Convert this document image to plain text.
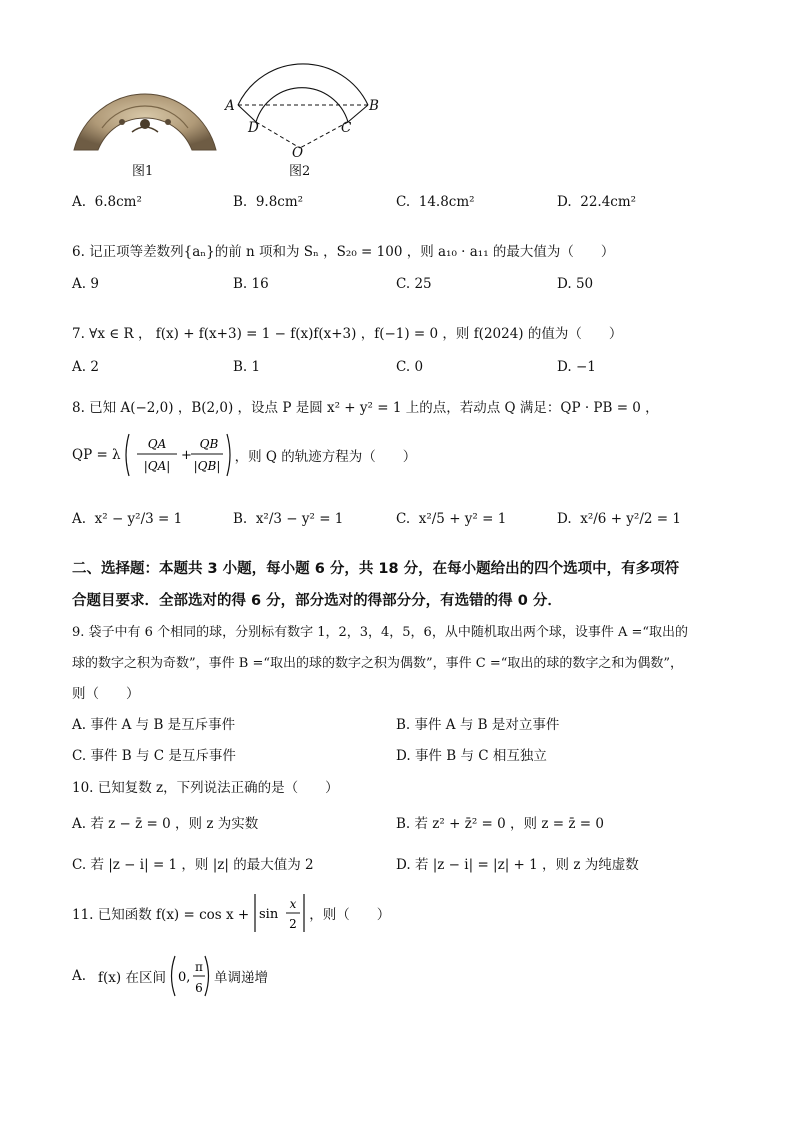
图1
A	B
D	C
O
图2
A. 6.8cm²	B. 9.8cm²	C. 14.8cm²	D. 22.4cm²
6. 记正项等差数列{aₙ}的前 n 项和为 Sₙ ，S₂₀ = 100 ，则 a₁₀ · a₁₁ 的最大值为（　　）
A. 9	B. 16	C. 25	D. 50
7. ∀x ∈ R ， f(x) + f(x+3) = 1 − f(x)f(x+3) ，f(−1) = 0 ，则 f(2024) 的值为（　　）
A. 2	B. 1	C. 0	D. −1
8. 已知 A(−2,0) ，B(2,0) ，设点 P 是圆 x² + y² = 1 上的点，若动点 Q 满足：QP · PB = 0 ，
QP = λ
QA
|QA|
+
QB
|QB|
，则 Q 的轨迹方程为（　　）
A. x² − y²/3 = 1	B. x²/3 − y² = 1	C. x²/5 + y² = 1	D. x²/6 + y²/2 = 1
二、选择题：本题共 3 小题，每小题 6 分，共 18 分，在每小题给出的四个选项中，有多项符
合题目要求．全部选对的得 6 分，部分选对的得部分分，有选错的得 0 分．
9. 袋子中有 6 个相同的球，分别标有数字 1，2，3，4，5，6，从中随机取出两个球，设事件 A =“取出的
球的数字之积为奇数”，事件 B =“取出的球的数字之积为偶数”，事件 C =“取出的球的数字之和为偶数”，
则（　　）
A. 事件 A 与 B 是互斥事件	B. 事件 A 与 B 是对立事件
C. 事件 B 与 C 是互斥事件	D. 事件 B 与 C 相互独立
10. 已知复数 z，下列说法正确的是（　　）
A. 若 z − z̄ = 0 ，则 z 为实数	B. 若 z² + z̄² = 0 ，则 z = z̄ = 0
C. 若 |z − i| = 1 ，则 |z| 的最大值为 2	D. 若 |z − i| = |z| + 1 ，则 z 为纯虚数
11. 已知函数 f(x) = cos x + sin
x
2
，则（　　）
A. f(x) 在区间 0,
π
6
单调递增
